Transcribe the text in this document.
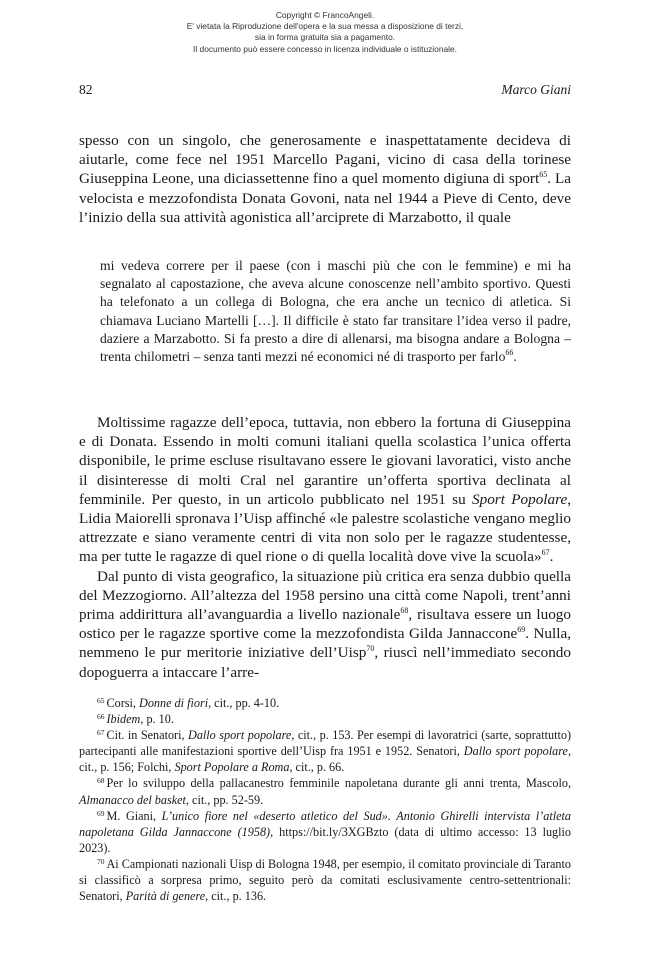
Copyright © FrancoAngeli.
E' vietata la Riproduzione dell'opera e la sua messa a disposizione di terzi,
sia in forma gratuita sia a pagamento.
Il documento può essere concesso in licenza individuale o istituzionale.
82	Marco Giani

spesso con un singolo, che generosamente e inaspettatamente decideva di aiutarle, come fece nel 1951 Marcello Pagani, vicino di casa della torinese Giuseppina Leone, una diciassettenne fino a quel momento digiuna di sport$^{65}$. La velocista e mezzofondista Donata Govoni, nata nel 1944 a Pieve di Cento, deve l’inizio della sua attività agonistica all’arciprete di Marzabotto, il quale

mi vedeva correre per il paese (con i maschi più che con le femmine) e mi ha segnalato al capostazione, che aveva alcune conoscenze nell’ambito sportivo. Questi ha telefonato a un collega di Bologna, che era anche un tecnico di atletica. Si chiamava Luciano Martelli […]. Il difficile è stato far transitare l’idea verso il padre, daziere a Marzabotto. Si fa presto a dire di allenarsi, ma bisogna andare a Bologna – trenta chilometri – senza tanti mezzi né economici né di trasporto per farlo$^{66}$.

Moltissime ragazze dell’epoca, tuttavia, non ebbero la fortuna di Giuseppina e di Donata. Essendo in molti comuni italiani quella scolastica l’unica offerta disponibile, le prime escluse risultavano essere le giovani lavoratici, visto anche il disinteresse di molti Cral nel garantire un’offerta sportiva declinata al femminile. Per questo, in un articolo pubblicato nel 1951 su Sport Popolare, Lidia Maiorelli spronava l’Uisp affinché «le palestre scolastiche vengano meglio attrezzate e siano veramente centri di vita non solo per le ragazze studentesse, ma per tutte le ragazze di quel rione o di quella località dove vive la scuola»$^{67}$.

Dal punto di vista geografico, la situazione più critica era senza dubbio quella del Mezzogiorno. All’altezza del 1958 persino una città come Napoli, trent’anni prima addirittura all’avanguardia a livello nazionale$^{68}$, risultava essere un luogo ostico per le ragazze sportive come la mezzofondista Gilda Jannaccone$^{69}$. Nulla, nemmeno le pur meritorie iniziative dell’Uisp$^{70}$, riuscì nell’immediato secondo dopoguerra a intaccare l’arre-

$^{65}$ Corsi, Donne di fiori, cit., pp. 4-10.

$^{66}$ Ibidem, p. 10.

$^{67}$ Cit. in Senatori, Dallo sport popolare, cit., p. 153. Per esempi di lavoratrici (sarte, soprattutto) partecipanti alle manifestazioni sportive dell’Uisp fra 1951 e 1952. Senatori, Dallo sport popolare, cit., p. 156; Folchi, Sport Popolare a Roma, cit., p. 66.

$^{68}$ Per lo sviluppo della pallacanestro femminile napoletana durante gli anni trenta, Mascolo, Almanacco del basket, cit., pp. 52-59.

$^{69}$ M. Giani, L’unico fiore nel «deserto atletico del Sud». Antonio Ghirelli intervista l’atleta napoletana Gilda Jannaccone (1958), https://bit.ly/3XGBzto (data di ultimo accesso: 13 luglio 2023).

$^{70}$ Ai Campionati nazionali Uisp di Bologna 1948, per esempio, il comitato provinciale di Taranto si classificò a sorpresa primo, seguito però da comitati esclusivamente centro-settentrionali: Senatori, Parità di genere, cit., p. 136.
